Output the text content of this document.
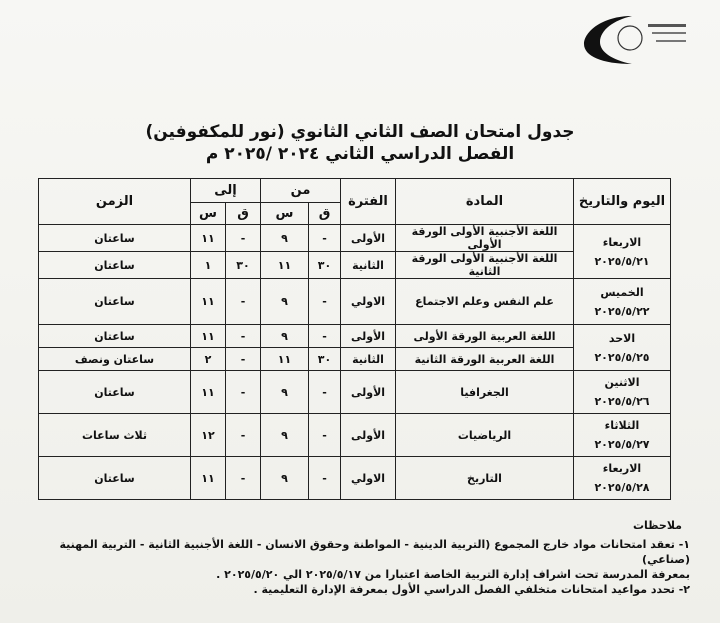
جدول امتحان الصف الثاني الثانوي (نور للمكفوفين)
الفصل الدراسي الثاني ٢٠٢٤ /٢٠٢٥ م
اليوم والتاريخ	المادة	الفترة	من		إلى		الزمن
			ق	س	ق	س	

الاربعاء
٢٠٢٥/٥/٢١	اللغة الأجنبية الأولى الورقة الأولى	الأولى	-	٩	-	١١	ساعتان
	اللغة الأجنبية الأولى الورقة الثانية	الثانية	٣٠	١١	٣٠	١	ساعتان

الخميس
٢٠٢٥/٥/٢٢	علم النفس وعلم الاجتماع	الاولي	-	٩	-	١١	ساعتان

الاحد
٢٠٢٥/٥/٢٥	اللغة العربية الورقة الأولى	الأولى	-	٩	-	١١	ساعتان
	اللغة العربية الورقة الثانية	الثانية	٣٠	١١	-	٢	ساعتان ونصف

الاثنين
٢٠٢٥/٥/٢٦	الجغرافيا	الأولى	-	٩	-	١١	ساعتان

الثلاثاء
٢٠٢٥/٥/٢٧	الرياضيات	الأولى	-	٩	-	١٢	ثلاث ساعات

الاربعاء
٢٠٢٥/٥/٢٨	التاريخ	الاولي	-	٩	-	١١	ساعتان
ملاحظات

١- تعقد امتحانات مواد خارج المجموع (التربية الدينية - المواطنة وحقوق الانسان - اللغة الأجنبية الثانية - التربية المهنية (صناعي)

بمعرفة المدرسة تحت اشراف إدارة التربية الخاصة اعتبارا من ٢٠٢٥/٥/١٧ الي ٢٠٢٥/٥/٢٠ .

٢- تحدد مواعيد امتحانات متخلفي الفصل الدراسي الأول بمعرفة الإدارة التعليمية .
